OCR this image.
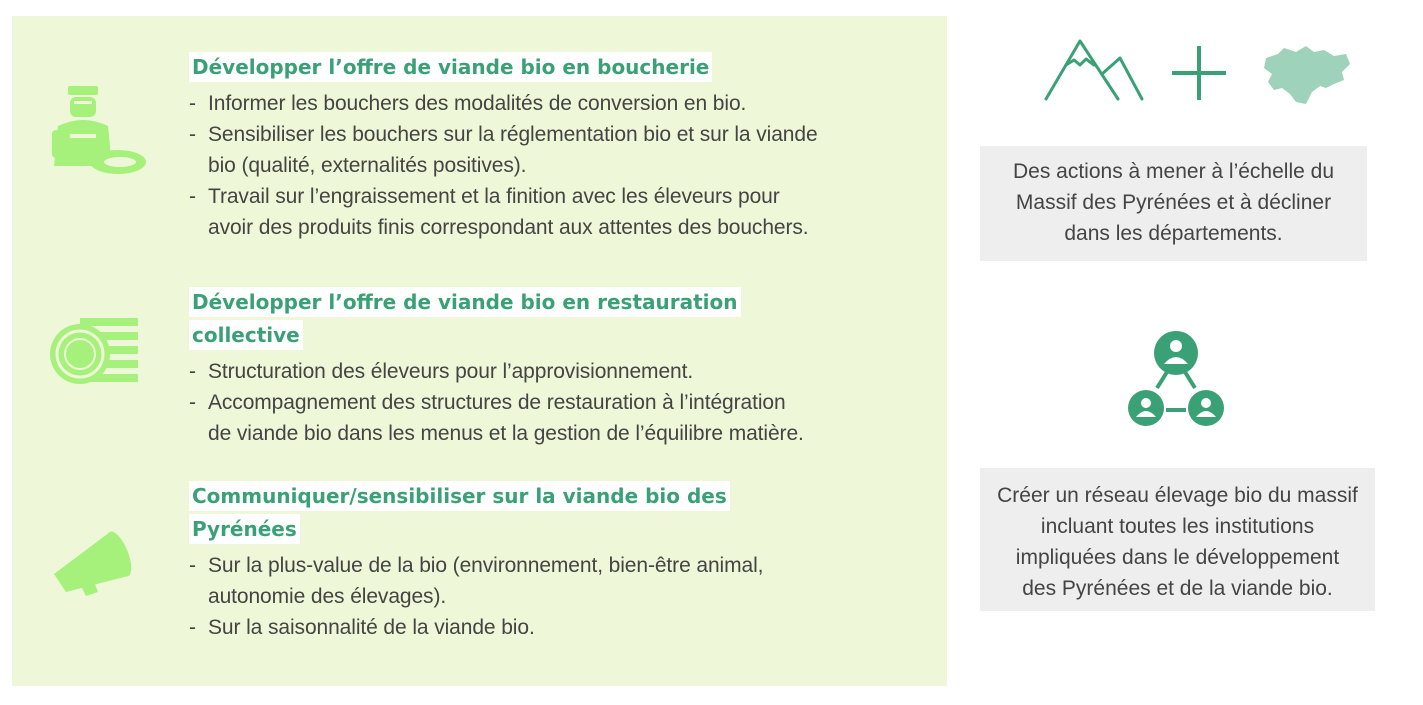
Développer l’offre de viande bio en boucherie
- Informer les bouchers des modalités de conversion en bio.
- Sensibiliser les bouchers sur la réglementation bio et sur la viande
bio (qualité, externalités positives).
- Travail sur l’engraissement et la finition avec les éleveurs pour
avoir des produits finis correspondant aux attentes des bouchers.
Développer l’offre de viande bio en restauration
collective
- Structuration des éleveurs pour l’approvisionnement.
- Accompagnement des structures de restauration à l’intégration
de viande bio dans les menus et la gestion de l’équilibre matière.
Communiquer/sensibiliser sur la viande bio des
Pyrénées
- Sur la plus-value de la bio (environnement, bien-être animal,
autonomie des élevages).
- Sur la saisonnalité de la viande bio.
Des actions à mener à l’échelle du
Massif des Pyrénées et à décliner
dans les départements.
Créer un réseau élevage bio du massif
incluant toutes les institutions
impliquées dans le développement
des Pyrénées et de la viande bio.
